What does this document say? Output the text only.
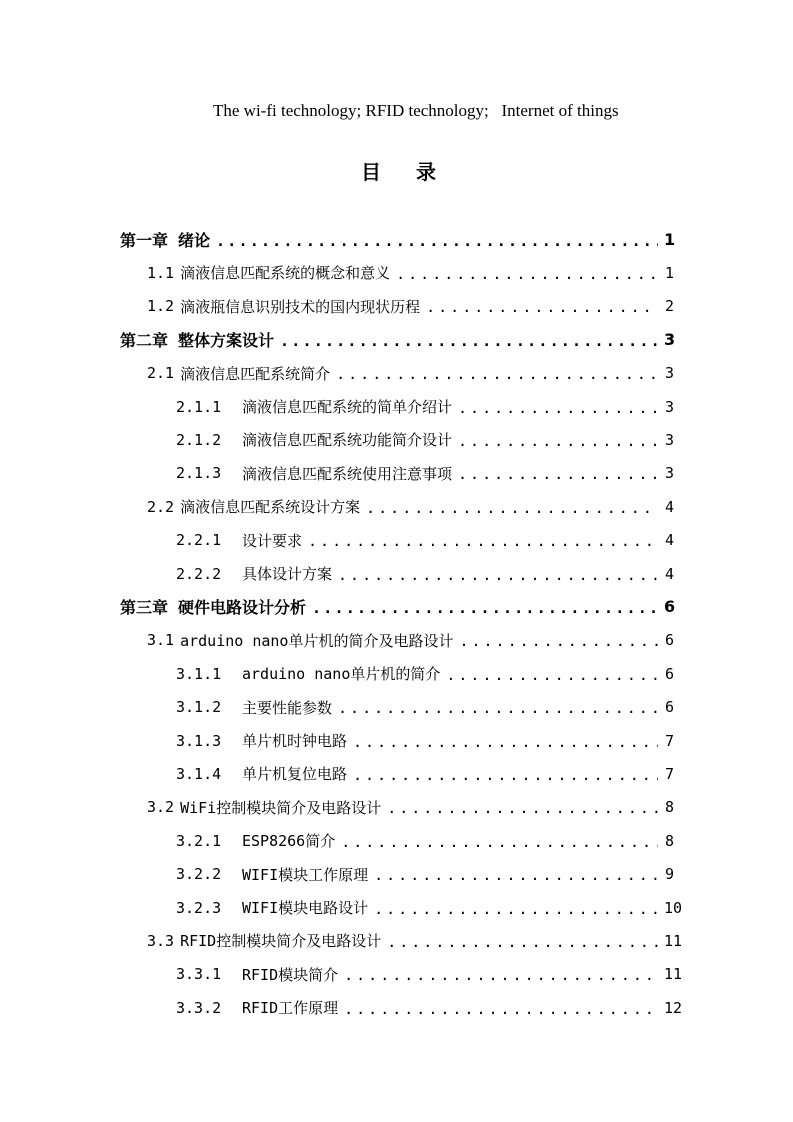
The wi-fi technology; RFID technology;   Internet of things
目 录
第一章 绪论 .....	1
1.1 滴液信息匹配系统的概念和意义 .....	1
1.2 滴液瓶信息识别技术的国内现状历程 .....	2
第二章 整体方案设计 .....	3
2.1 滴液信息匹配系统简介 .....	3
2.1.1	滴液信息匹配系统的简单介绍计 .....	3
2.1.2	滴液信息匹配系统功能简介设计 .....	3
2.1.3	滴液信息匹配系统使用注意事项 .....	3
2.2 滴液信息匹配系统设计方案 .....	4
2.2.1	设计要求 .....	4
2.2.2	具体设计方案 .....	4
第三章 硬件电路设计分析 .....	6
3.1 arduino nano单片机的简介及电路设计 .....	6
3.1.1	arduino nano单片机的简介 .....	6
3.1.2	主要性能参数 .....	6
3.1.3	单片机时钟电路 .....	7
3.1.4	单片机复位电路 .....	7
3.2 WiFi控制模块简介及电路设计 .....	8
3.2.1	ESP8266简介 .....	8
3.2.2	WIFI模块工作原理 .....	9
3.2.3	WIFI模块电路设计 .....	10
3.3 RFID控制模块简介及电路设计 .....	11
3.3.1	RFID模块简介 .....	11
3.3.2	RFID工作原理 .....	12
